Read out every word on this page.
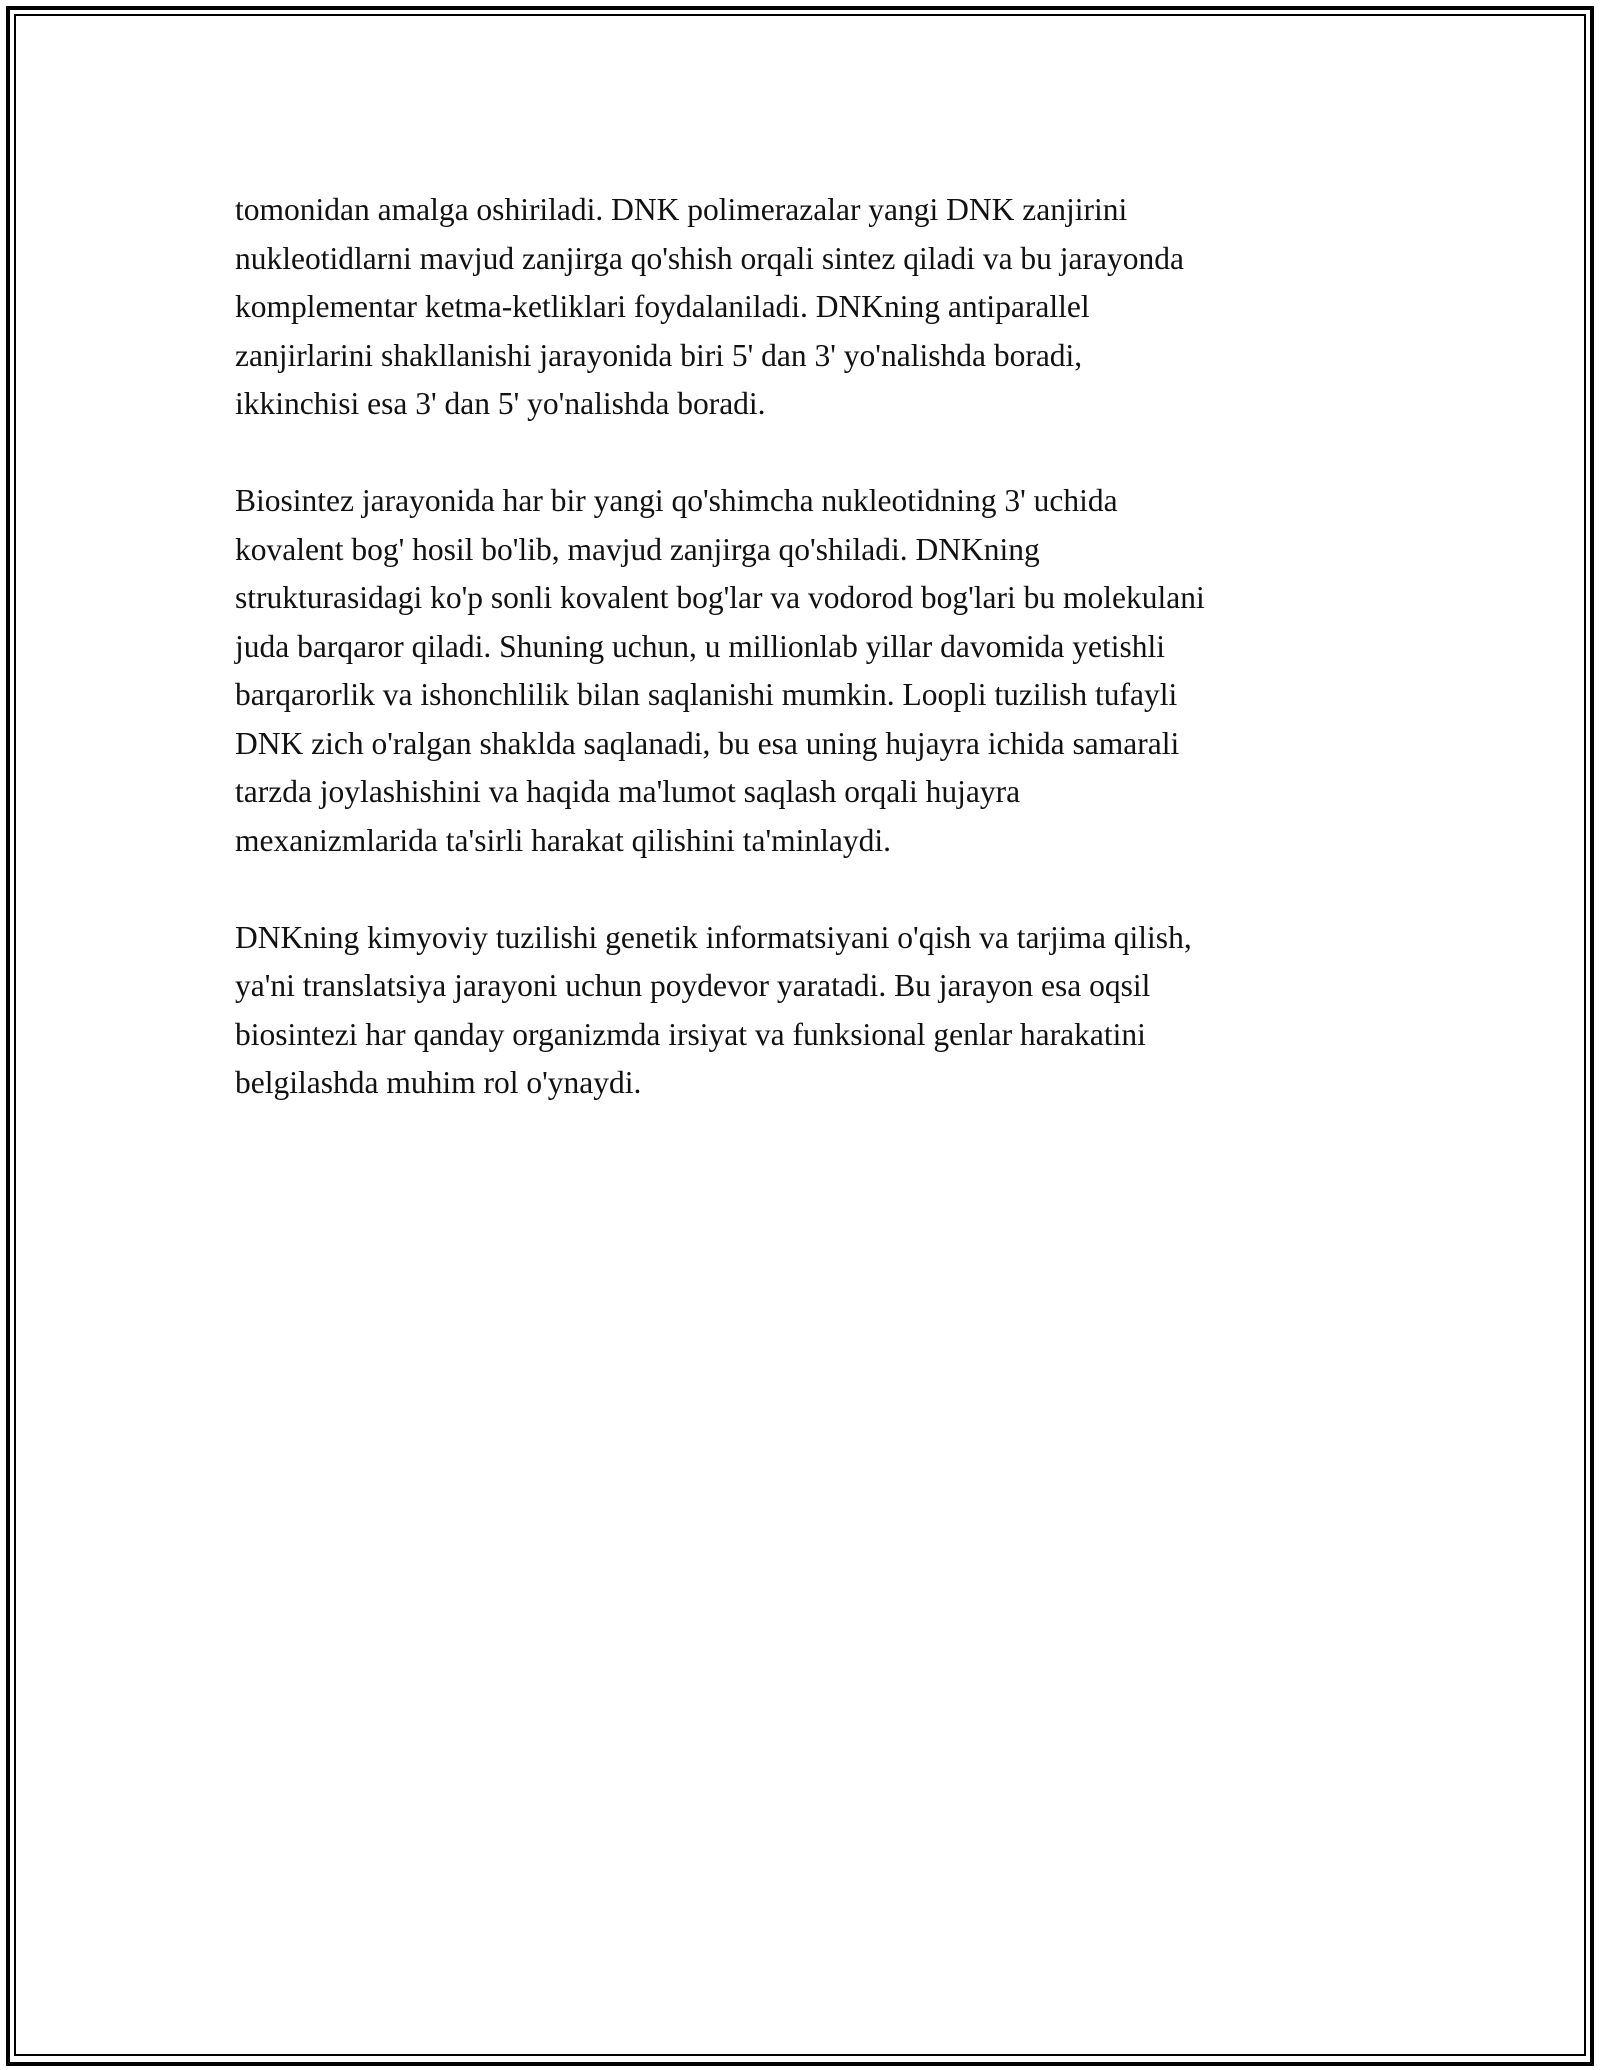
tomonidan amalga oshiriladi. DNK polimerazalar yangi DNK zanjirini
nukleotidlarni mavjud zanjirga qo'shish orqali sintez qiladi va bu jarayonda
komplementar ketma-ketliklari foydalaniladi. DNKning antiparallel
zanjirlarini shakllanishi jarayonida biri 5' dan 3' yo'nalishda boradi,
ikkinchisi esa 3' dan 5' yo'nalishda boradi.

Biosintez jarayonida har bir yangi qo'shimcha nukleotidning 3' uchida
kovalent bog' hosil bo'lib, mavjud zanjirga qo'shiladi. DNKning
strukturasidagi ko'p sonli kovalent bog'lar va vodorod bog'lari bu molekulani
juda barqaror qiladi. Shuning uchun, u millionlab yillar davomida yetishli
barqarorlik va ishonchlilik bilan saqlanishi mumkin. Loopli tuzilish tufayli
DNK zich o'ralgan shaklda saqlanadi, bu esa uning hujayra ichida samarali
tarzda joylashishini va haqida ma'lumot saqlash orqali hujayra
mexanizmlarida ta'sirli harakat qilishini ta'minlaydi.

DNKning kimyoviy tuzilishi genetik informatsiyani o'qish va tarjima qilish,
ya'ni translatsiya jarayoni uchun poydevor yaratadi. Bu jarayon esa oqsil
biosintezi har qanday organizmda irsiyat va funksional genlar harakatini
belgilashda muhim rol o'ynaydi.
